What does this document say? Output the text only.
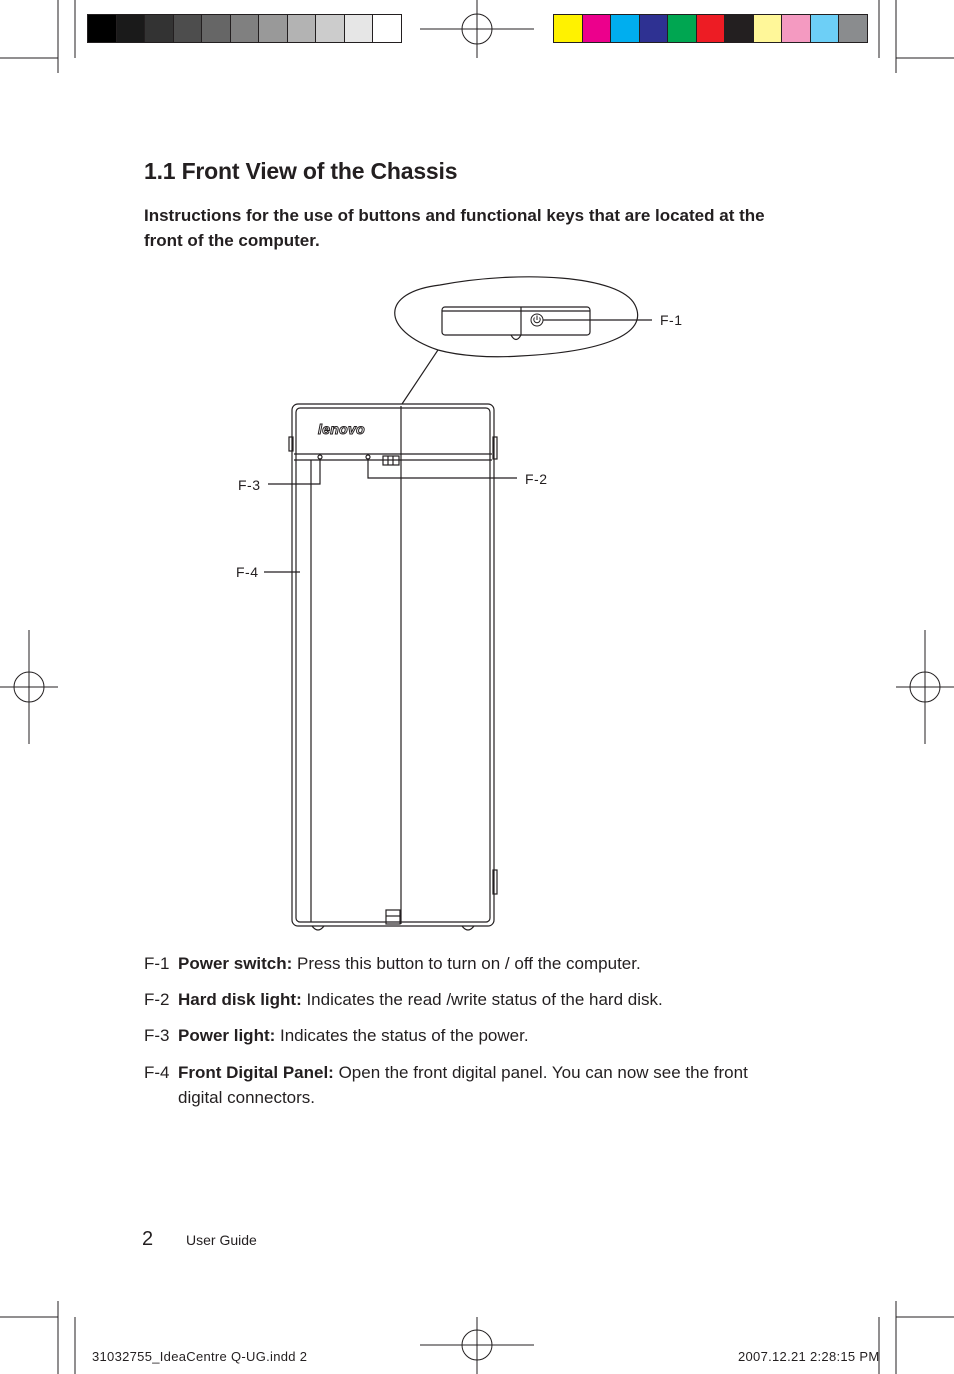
1.1 Front View of the Chassis

Instructions for the use of buttons and functional keys that are located at the front of the computer.

lenovo
F-1
F-2
F-3
F-4

F-1 Power switch: Press this button to turn on / off the computer.

F-2 Hard disk light: Indicates the read /write status of the hard disk.

F-3 Power light: Indicates the status of the power.

F-4 Front Digital Panel: Open the front digital panel. You can now see the front
digital connectors.

2 User Guide
31032755_IdeaCentre Q-UG.indd 2	2007.12.21 2:28:15 PM
